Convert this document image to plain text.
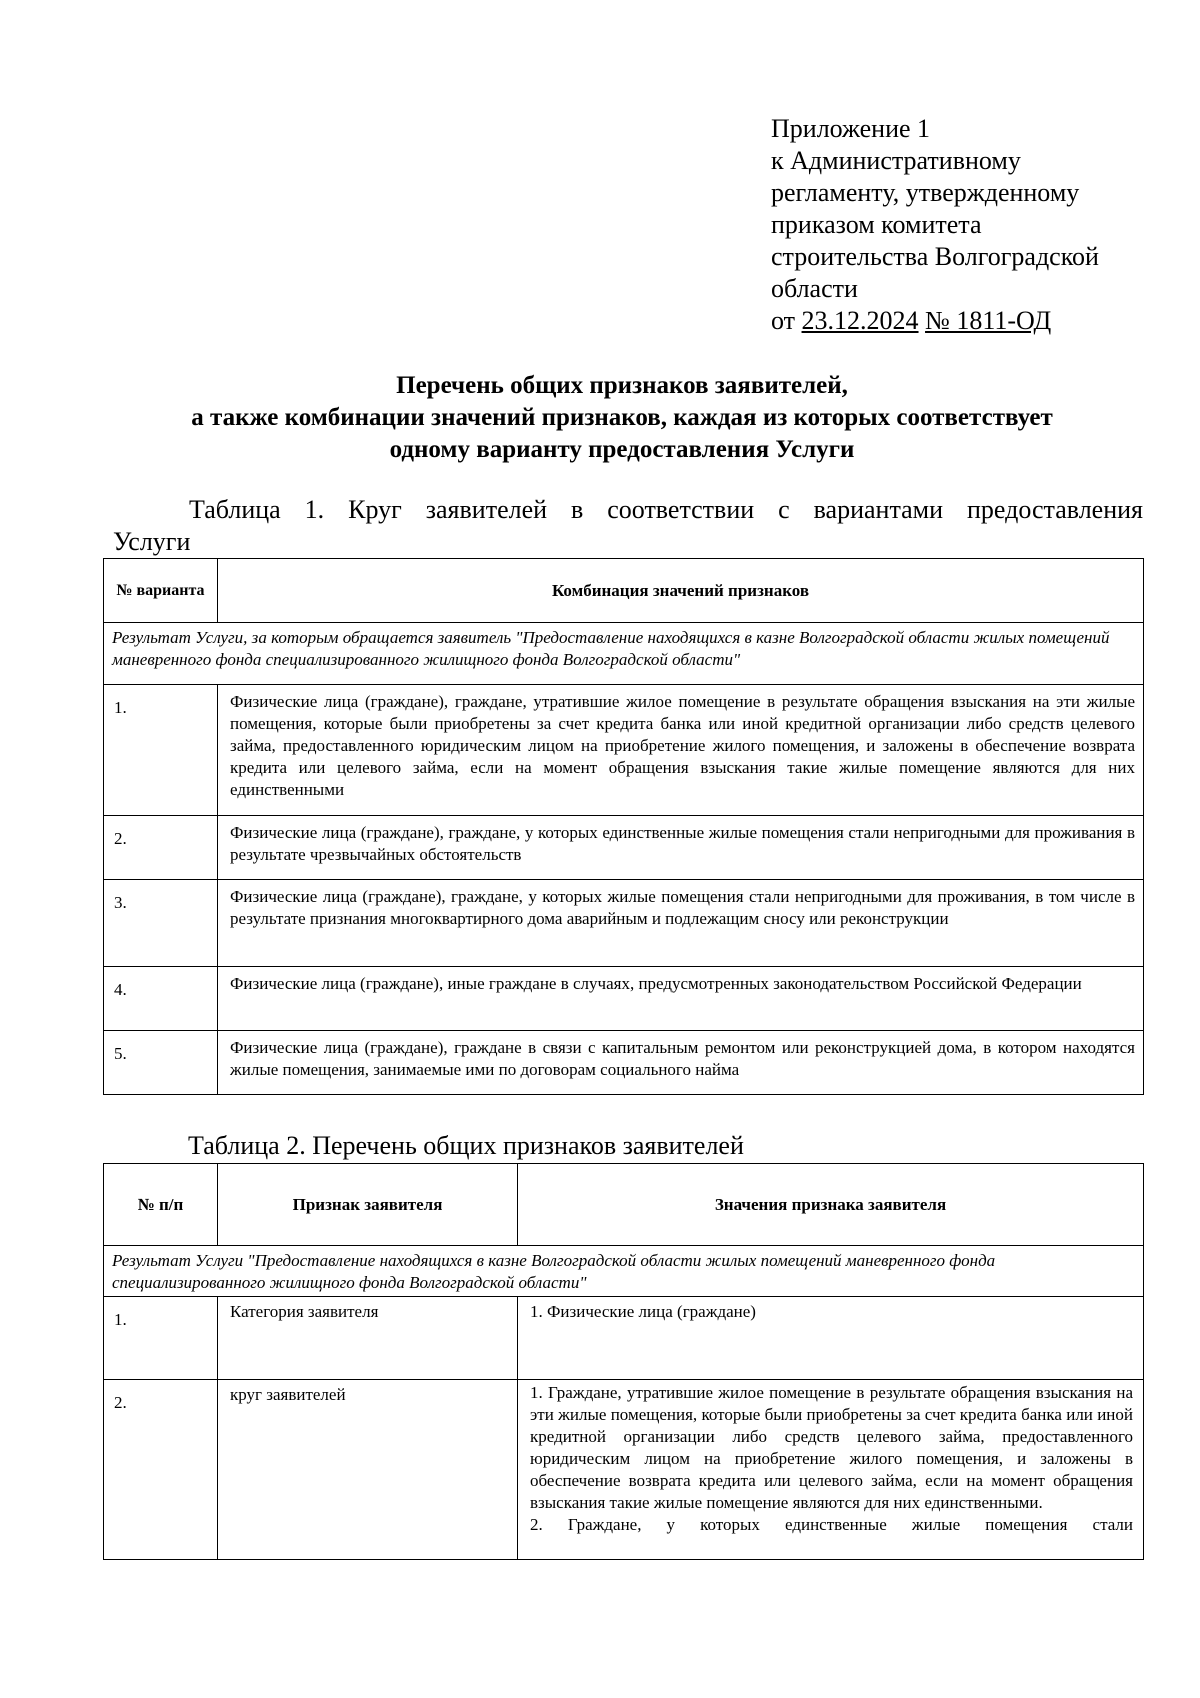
Приложение 1
к Административному
регламенту, утвержденному
приказом комитета
строительства Волгоградской
области
от 23.12.2024 № 1811-ОД
Перечень общих признаков заявителей,
а также комбинации значений признаков, каждая из которых соответствует
одному варианту предоставления Услуги
Таблица 1. Круг заявителей в соответствии с вариантами предоставления
Услуги
№ варианта	Комбинация значений признаков
Результат Услуги, за которым обращается заявитель "Предоставление находящихся в казне Волгоградской области жилых помещений маневренного фонда специализированного жилищного фонда Волгоградской области"	
1.	Физические лица (граждане), граждане, утратившие жилое помещение в результате обращения взыскания на эти жилые помещения, которые были приобретены за счет кредита банка или иной кредитной организации либо средств целевого займа, предоставленного юридическим лицом на приобретение жилого помещения, и заложены в обеспечение возврата кредита или целевого займа, если на момент обращения взыскания такие жилые помещение являются для них единственными
2.	Физические лица (граждане), граждане, у которых единственные жилые помещения стали непригодными для проживания в результате чрезвычайных обстоятельств
3.	Физические лица (граждане), граждане, у которых жилые помещения стали непригодными для проживания, в том числе в результате признания многоквартирного дома аварийным и подлежащим сносу или реконструкции
4.	Физические лица (граждане), иные граждане в случаях, предусмотренных законодательством Российской Федерации
5.	Физические лица (граждане), граждане в связи с капитальным ремонтом или реконструкцией дома, в котором находятся жилые помещения, занимаемые ими по договорам социального найма
Таблица 2. Перечень общих признаков заявителей
№ п/п	Признак заявителя	Значения признака заявителя
Результат Услуги "Предоставление находящихся в казне Волгоградской области жилых помещений маневренного фонда специализированного жилищного фонда Волгоградской области"		
1.	Категория заявителя	1. Физические лица (граждане)
2.	круг заявителей	1. Граждане, утратившие жилое помещение в результате обращения взыскания на эти жилые помещения, которые были приобретены за счет кредита банка или иной кредитной организации либо средств целевого займа, предоставленного юридическим лицом на приобретение жилого помещения, и заложены в обеспечение возврата кредита или целевого займа, если на момент обращения взыскания такие жилые помещение являются для них единственными.
2. Граждане, у которых единственные жилые помещения стали
